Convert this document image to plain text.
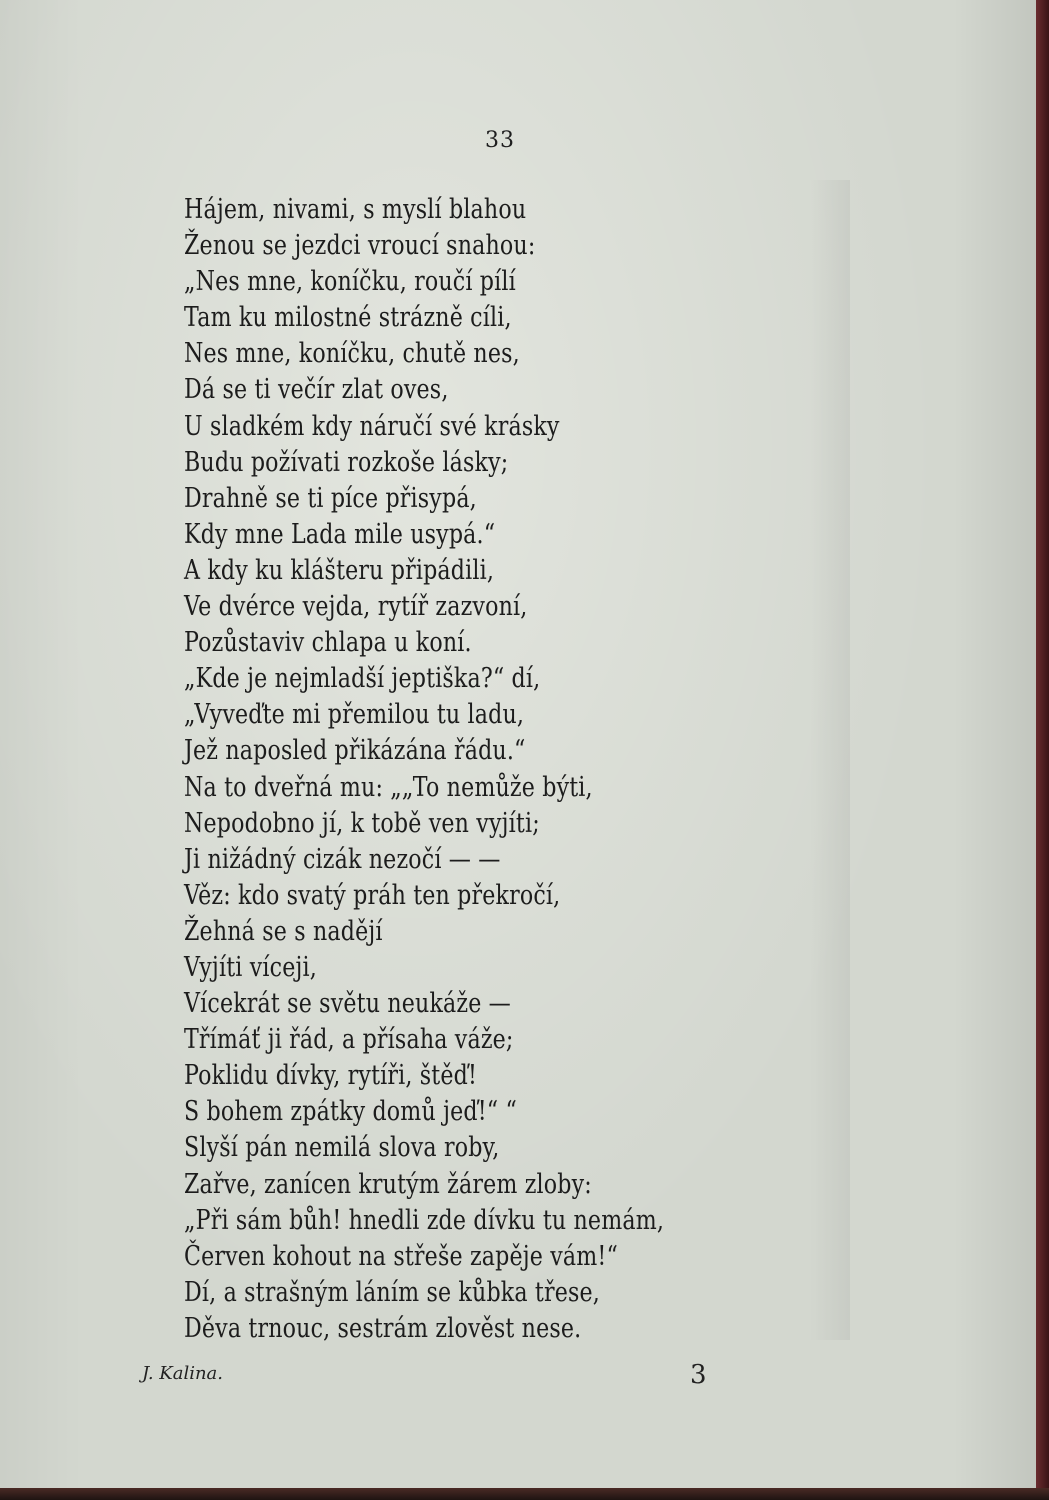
33
Hájem, nivami, s myslí blahou
Ženou se jezdci vroucí snahou:
„Nes mne, koníčku, roučí pílí
Tam ku milostné strázně cíli,
Nes mne, koníčku, chutě nes,
Dá se ti večír zlat oves,
U sladkém kdy náručí své krásky
Budu požívati rozkoše lásky;
Drahně se ti píce přisypá,
Kdy mne Lada mile usypá.“
A kdy ku klášteru připádili,
Ve dvérce vejda, rytíř zazvoní,
Pozůstaviv chlapa u koní.
„Kde je nejmladší jeptiška?“ dí,
„Vyveďte mi přemilou tu ladu,
Jež naposled přikázána řádu.“
Na to dveřná mu: „„To nemůže býti,
Nepodobno jí, k tobě ven vyjíti;
Ji nižádný cizák nezočí — —
Věz: kdo svatý práh ten překročí,
Žehná se s nadějí
Vyjíti víceji,
Vícekrát se světu neukáže —
Třímáť ji řád, a přísaha váže;
Poklidu dívky, rytíři, štěď!
S bohem zpátky domů jeď!“ “
Slyší pán nemilá slova roby,
Zařve, zanícen krutým žárem zloby:
„Při sám bůh! hnedli zde dívku tu nemám,
Červen kohout na střeše zapěje vám!“
Dí, a strašným láním se kůbka třese,
Děva trnouc, sestrám zlověst nese.
J. Kalina.	3
